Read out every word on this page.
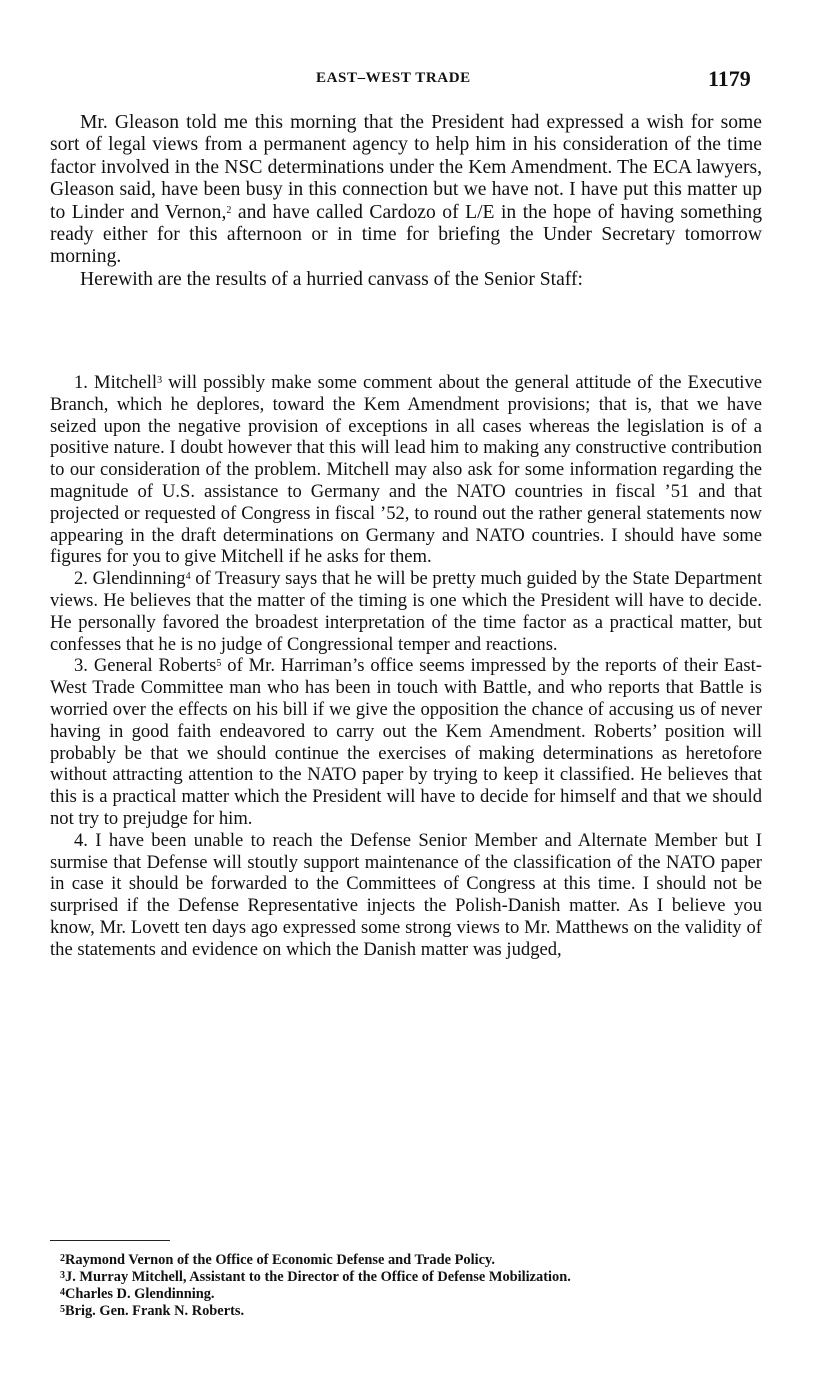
EAST–WEST TRADE	1179

Mr. Gleason told me this morning that the President had expressed a wish for some sort of legal views from a permanent agency to help him in his consideration of the time factor involved in the NSC determinations under the Kem Amendment. The ECA lawyers, Gleason said, have been busy in this connection but we have not. I have put this matter up to Linder and Vernon,$^2$ and have called Cardozo of L/E in the hope of having something ready either for this afternoon or in time for briefing the Under Secretary tomorrow morning.

Herewith are the results of a hurried canvass of the Senior Staff:

1. Mitchell$^3$ will possibly make some comment about the general attitude of the Executive Branch, which he deplores, toward the Kem Amendment provisions; that is, that we have seized upon the negative provision of exceptions in all cases whereas the legislation is of a positive nature. I doubt however that this will lead him to making any constructive contribution to our consideration of the problem. Mitchell may also ask for some information regarding the magnitude of U.S. assistance to Germany and the NATO countries in fiscal ’51 and that projected or requested of Congress in fiscal ’52, to round out the rather general statements now appearing in the draft determinations on Germany and NATO countries. I should have some figures for you to give Mitchell if he asks for them.

2. Glendinning$^4$ of Treasury says that he will be pretty much guided by the State Department views. He believes that the matter of the timing is one which the President will have to decide. He personally favored the broadest interpretation of the time factor as a practical matter, but confesses that he is no judge of Congressional temper and reactions.

3. General Roberts$^5$ of Mr. Harriman’s office seems impressed by the reports of their East-West Trade Committee man who has been in touch with Battle, and who reports that Battle is worried over the effects on his bill if we give the opposition the chance of accusing us of never having in good faith endeavored to carry out the Kem Amendment. Roberts’ position will probably be that we should continue the exercises of making determinations as heretofore without attracting attention to the NATO paper by trying to keep it classified. He believes that this is a practical matter which the President will have to decide for himself and that we should not try to prejudge for him.

4. I have been unable to reach the Defense Senior Member and Alternate Member but I surmise that Defense will stoutly support maintenance of the classification of the NATO paper in case it should be forwarded to the Committees of Congress at this time. I should not be surprised if the Defense Representative injects the Polish-Danish matter. As I believe you know, Mr. Lovett ten days ago expressed some strong views to Mr. Matthews on the validity of the statements and evidence on which the Danish matter was judged,

$^2$Raymond Vernon of the Office of Economic Defense and Trade Policy.
$^3$J. Murray Mitchell, Assistant to the Director of the Office of Defense Mobilization.
$^4$Charles D. Glendinning.
$^5$Brig. Gen. Frank N. Roberts.
